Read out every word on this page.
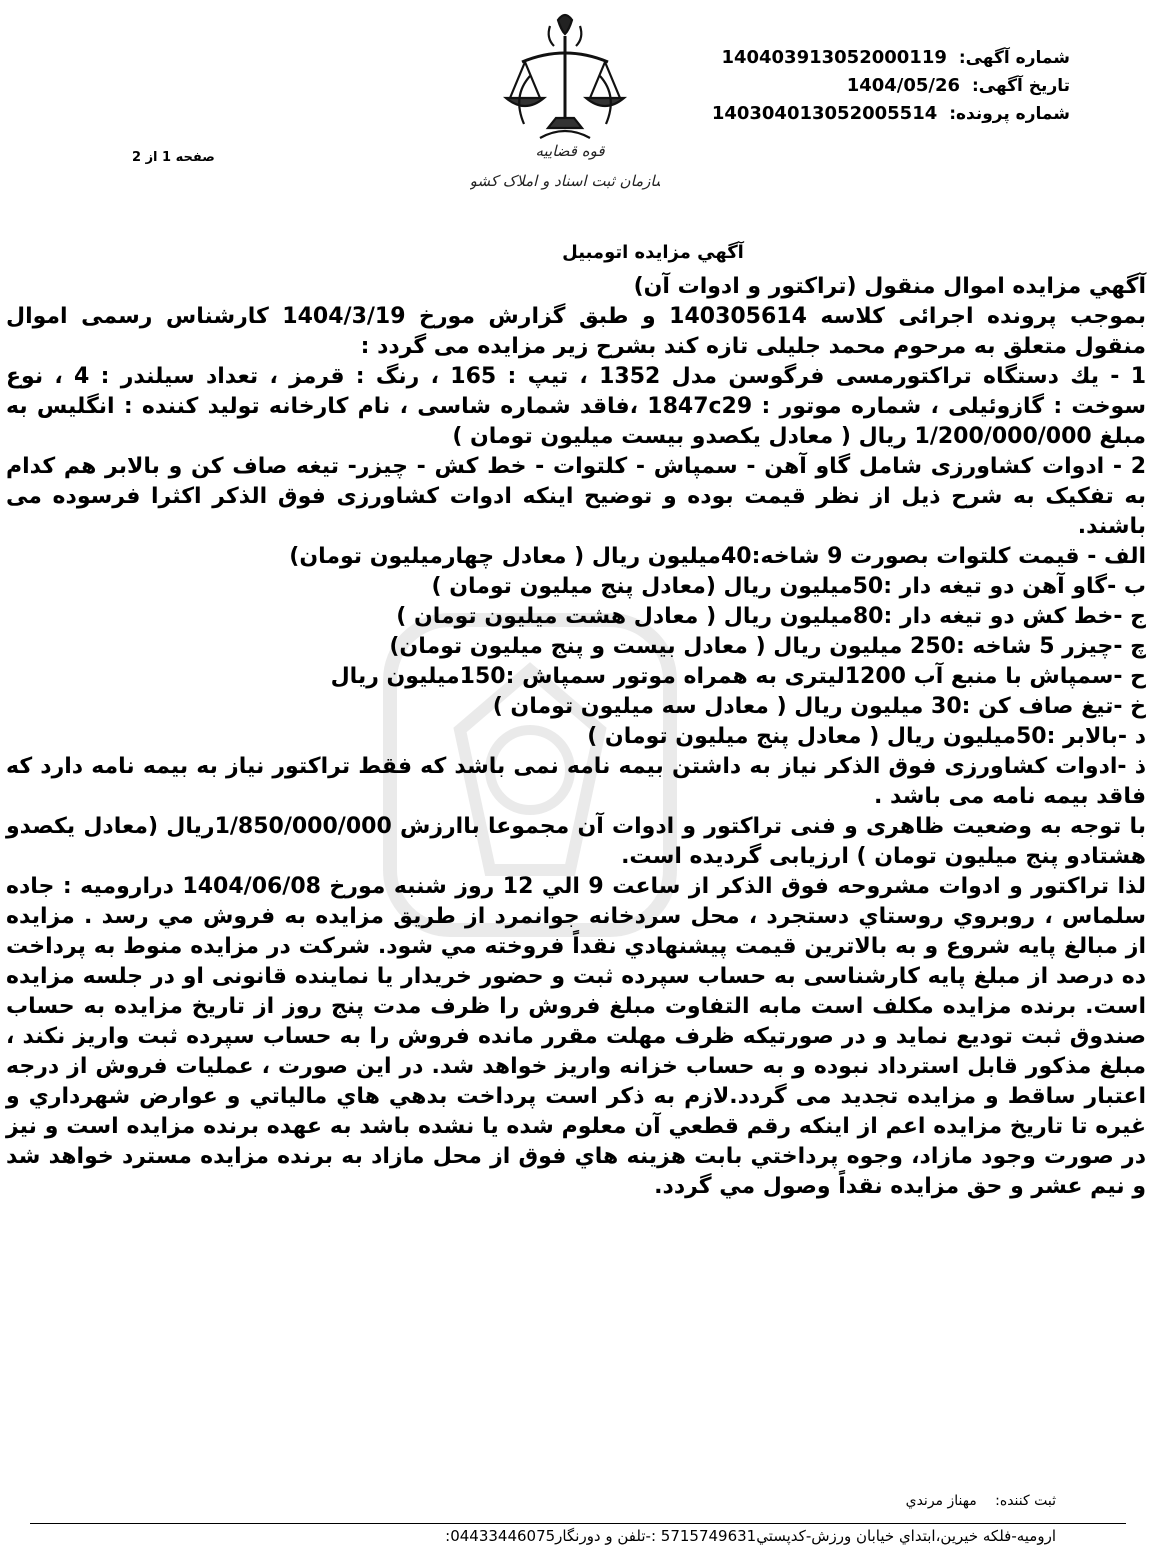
قوه قضاییه
سازمان ثبت اسناد و املاک کشور
شماره آگهی: 14040391305200011​9
تاریخ آگهی: 1404/05/26
شماره پرونده: 14030401305200551​4
صفحه 1 از 2
آگهي مزايده اتومبيل

آگهي مزايده اموال منقول (تراكتور و ادوات آن)

بموجب پرونده اجرائی كلاسه 140305614 و طبق گزارش مورخ 1404/3/19 کارشناس رسمی اموال منقول متعلق به مرحوم محمد جلیلی تازه کند بشرح زیر مزايده می گردد :

1 - يك دستگاه تراكتورمسی فرگوسن مدل 1352 ، تیپ : 165 ، رنگ : قرمز ، تعداد سيلندر : 4 ، نوع سوخت : گازوئیلی ، شماره موتور : 1847c29 ،فاقد شماره شاسی ، نام كارخانه توليد كننده : انگلیس به مبلغ 1/200/000/000 ريال ( معادل یکصدو بیست میلیون تومان )

2 - ادوات کشاورزی شامل گاو آهن - سمپاش - کلتوات - خط کش - چیزر- تیغه صاف کن و بالابر هم کدام به تفکیک به شرح ذیل از نظر قیمت بوده و توضیح اینکه ادوات کشاورزی فوق الذکر اکثرا فرسوده می باشند.

الف - قیمت کلتوات بصورت 9 شاخه:40میلیون ریال ( معادل چهارمیلیون تومان)

ب -گاو آهن دو تیغه دار :50میلیون ریال (معادل پنج میلیون تومان )

ج -خط کش دو تیغه دار :80میلیون ریال ( معادل هشت میلیون تومان )

چ -چیزر 5 شاخه :250 میلیون ریال ( معادل بیست و پنج میلیون تومان)

ح -سمپاش با منبع آب 1200لیتری به همراه موتور سمپاش :150میلیون ریال

خ -تیغ صاف کن :30 میلیون ریال ( معادل سه میلیون تومان )

د -بالابر :50میلیون ریال ( معادل پنج میلیون تومان )

ذ -ادوات کشاورزی فوق الذکر نیاز به داشتن بیمه نامه نمی باشد که فقط تراکتور نیاز به بیمه نامه دارد که فاقد بیمه نامه می باشد .

با توجه به وضعیت ظاهری و فنی تراکتور و ادوات آن مجموعا باارزش 1/850/000/000ریال (معادل یکصدو هشتادو پنج میلیون تومان ) ارزیابی گردیده است.

لذا تراكتور و ادوات مشروحه فوق الذکر از ساعت 9 الي 12 روز شنبه مورخ 1404/06/08 درارومیه : جاده سلماس ، روبروي روستاي دستجرد ، محل سردخانه جوانمرد از طريق مزايده به فروش مي رسد . مزايده از مبالغ پايه شروع و به بالاترين قيمت پيشنهادي نقداً فروخته مي شود. شرکت در مزايده منوط به پرداخت ده درصد از مبلغ پايه کارشناسی به حساب سپرده ثبت و حضور خريدار يا نماينده قانونی او در جلسه مزايده است. برنده مزايده مکلف است مابه التفاوت مبلغ فروش را ظرف مدت پنج روز از تاريخ مزايده به حساب صندوق ثبت توديع نمايد و در صورتيكه ظرف مهلت مقرر مانده فروش را به حساب سپرده ثبت واريز نكند ، مبلغ مذكور قابل استرداد نبوده و به حساب خزانه واريز خواهد شد. در اين صورت ، عمليات فروش از درجه اعتبار ساقط و مزايده تجديد می گردد.لازم به ذكر است پرداخت بدهي هاي مالياتي و عوارض شهرداري و غيره تا تاريخ مزايده اعم از اينكه رقم قطعي آن معلوم شده يا نشده باشد به عهده برنده مزايده است و نيز در صورت وجود مازاد، وجوه پرداختي بابت هزينه هاي فوق از محل مازاد به برنده مزايده مسترد خواهد شد و نيم عشر و حق مزايده نقداً وصول مي گردد.

ثبت كننده: مهناز مرندي
اروميه-فلكه خيرين،ابتداي خيابان ورزش-كدپستي5715749631 :-تلفن و دورنگار04433446075:
